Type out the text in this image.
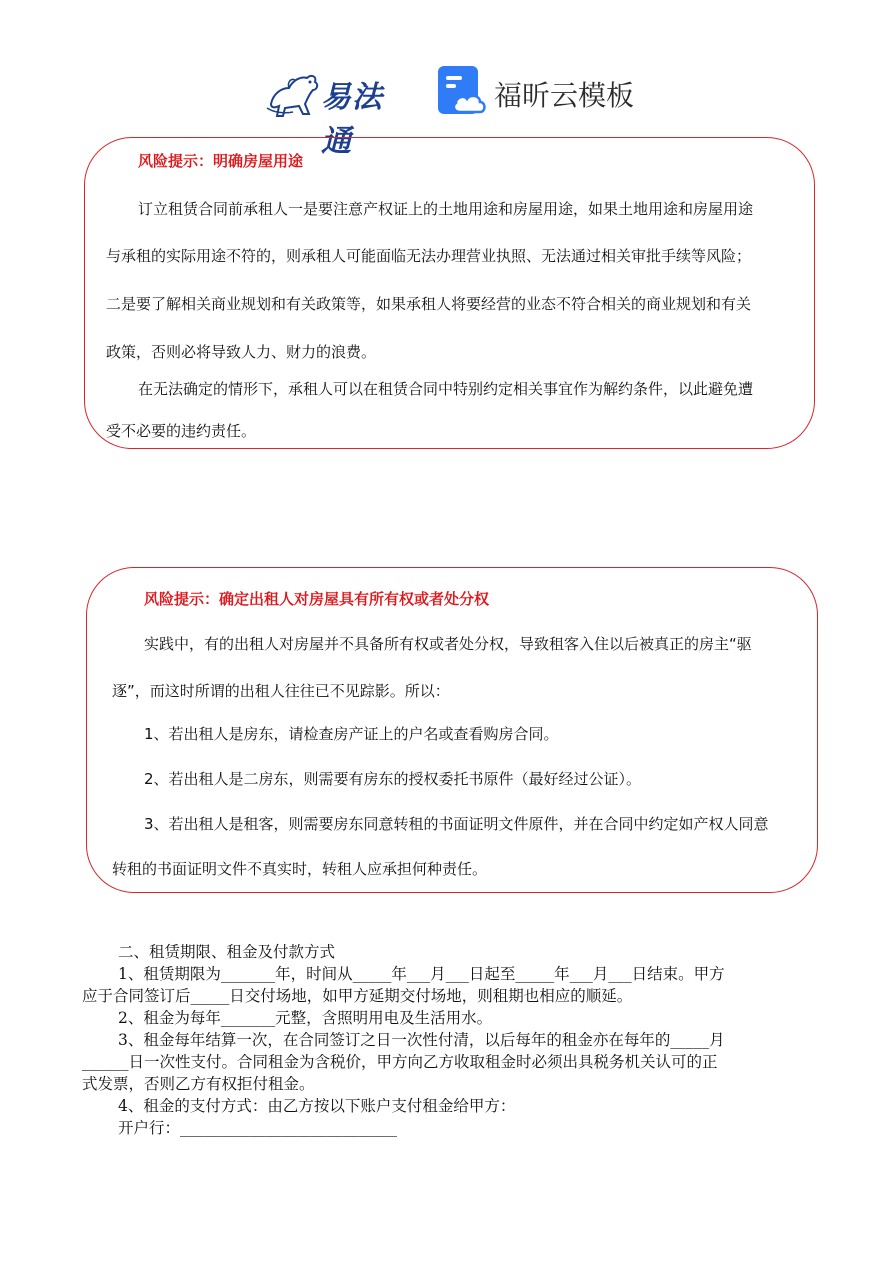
易法通
福昕云模板
风险提示：明确房屋用途
订立租赁合同前承租人一是要注意产权证上的土地用途和房屋用途，如果土地用途和房屋用途
与承租的实际用途不符的，则承租人可能面临无法办理营业执照、无法通过相关审批手续等风险；
二是要了解相关商业规划和有关政策等，如果承租人将要经营的业态不符合相关的商业规划和有关
政策，否则必将导致人力、财力的浪费。
在无法确定的情形下，承租人可以在租赁合同中特别约定相关事宜作为解约条件，以此避免遭
受不必要的违约责任。
风险提示：确定出租人对房屋具有所有权或者处分权
实践中，有的出租人对房屋并不具备所有权或者处分权，导致租客入住以后被真正的房主“驱
逐”，而这时所谓的出租人往往已不见踪影。所以：
1、若出租人是房东，请检查房产证上的户名或查看购房合同。
2、若出租人是二房东，则需要有房东的授权委托书原件（最好经过公证）。
3、若出租人是租客，则需要房东同意转租的书面证明文件原件，并在合同中约定如产权人同意
转租的书面证明文件不真实时，转租人应承担何种责任。
二、租赁期限、租金及付款方式
1、租赁期限为_______年，时间从_____年___月___日起至_____年___月___日结束。甲方
应于合同签订后_____日交付场地，如甲方延期交付场地，则租期也相应的顺延。
2、租金为每年_______元整，含照明用电及生活用水。
3、租金每年结算一次，在合同签订之日一次性付清，以后每年的租金亦在每年的_____月
______日一次性支付。合同租金为含税价，甲方向乙方收取租金时必须出具税务机关认可的正
式发票，否则乙方有权拒付租金。
4、租金的支付方式：由乙方按以下账户支付租金给甲方：
开户行：____________________________
